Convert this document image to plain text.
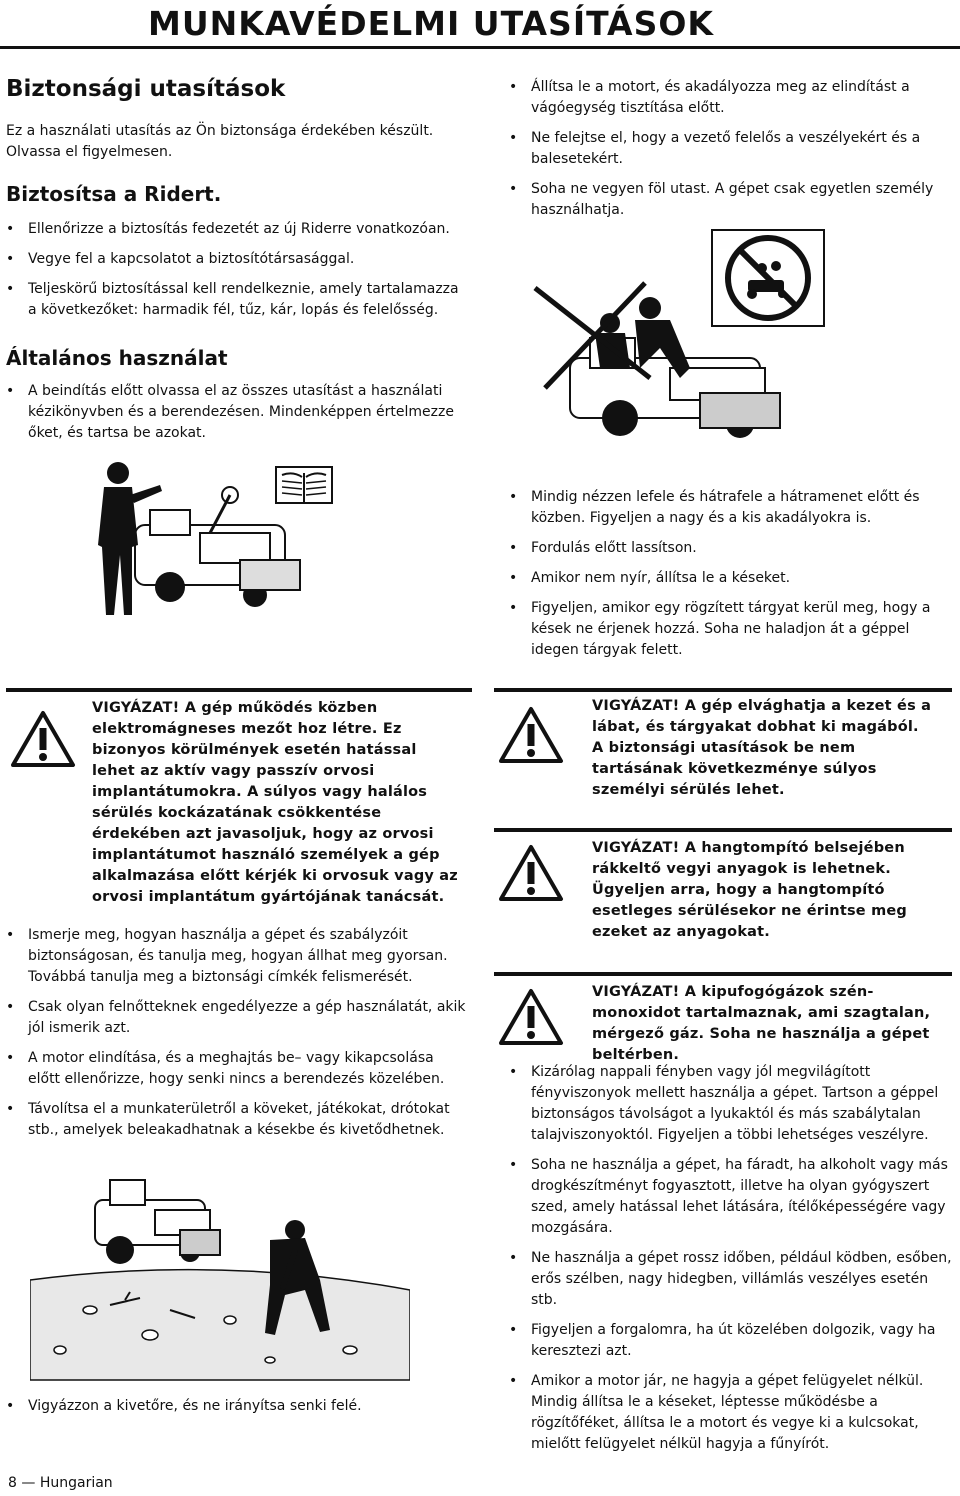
MUNKAVÉDELMI UTASÍTÁSOK
Biztonsági utasítások
Ez a használati utasítás az Ön biztonsága érdekében készült. Olvassa el figyelmesen.
Biztosítsa a Ridert.
• Ellenőrizze a biztosítás fedezetét az új Riderre vonatkozóan.
• Vegye fel a kapcsolatot a biztosítótársasággal.
• Teljeskörű biztosítással kell rendelkeznie, amely tartalamazza a következőket: harmadik fél, tűz, kár, lopás és felelősség.
Általános használat
• A beindítás előtt olvassa el az összes utasítást a használati kézikönyvben és a berendezésen. Mindenképpen értelmezze őket, és tartsa be azokat.
VIGYÁZAT! A gép működés közben elektromágneses mezőt hoz létre. Ez bizonyos körülmények esetén hatással lehet az aktív vagy passzív orvosi implantátumokra. A súlyos vagy halálos sérülés kockázatának csökkentése érdekében azt javasoljuk, hogy az orvosi implantátumot használó személyek a gép alkalmazása előtt kérjék ki orvosuk vagy az orvosi implantátum gyártójának tanácsát.
• Ismerje meg, hogyan használja a gépet és szabályzóit biztonságosan, és tanulja meg, hogyan állhat meg gyorsan. Továbbá tanulja meg a biztonsági címkék felismerését.
• Csak olyan felnőtteknek engedélyezze a gép használatát, akik jól ismerik azt.
• A motor elindítása, és a meghajtás be– vagy kikapcsolása előtt ellenőrizze, hogy senki nincs a berendezés közelében.
• Távolítsa el a munkaterületről a köveket, játékokat, drótokat stb., amelyek beleakadhatnak a késekbe és kivetődhetnek.
• Vigyázzon a kivetőre, és ne irányítsa senki felé.
• Állítsa le a motort, és akadályozza meg az elindítást a vágóegység tisztítása előtt.
• Ne felejtse el, hogy a vezető felelős a veszélyekért és a balesetekért.
• Soha ne vegyen föl utast. A gépet csak egyetlen személy használhatja.
• Mindig nézzen lefele és hátrafele a hátramenet előtt és közben. Figyeljen a nagy és a kis akadályokra is.
• Fordulás előtt lassítson.
• Amikor nem nyír, állítsa le a késeket.
• Figyeljen, amikor egy rögzített tárgyat kerül meg, hogy a kések ne érjenek hozzá. Soha ne haladjon át a géppel idegen tárgyak felett.
VIGYÁZAT! A gép elvághatja a kezet és a lábat, és tárgyakat dobhat ki magából. A biztonsági utasítások be nem tartásának következménye súlyos személyi sérülés lehet.
VIGYÁZAT! A hangtompító belsejében rákkeltő vegyi anyagok is lehetnek. Ügyeljen arra, hogy a hangtompító esetleges sérülésekor ne érintse meg ezeket az anyagokat.
VIGYÁZAT! A kipufogógázok szén-monoxidot tartalmaznak, ami szagtalan, mérgező gáz. Soha ne használja a gépet beltérben.
• Kizárólag nappali fényben vagy jól megvilágított fényviszonyok mellett használja a gépet. Tartson a géppel biztonságos távolságot a lyukaktól és más szabálytalan talajviszonyoktól. Figyeljen a többi lehetséges veszélyre.
• Soha ne használja a gépet, ha fáradt, ha alkoholt vagy más drogkészítményt fogyasztott, illetve ha olyan gyógyszert szed, amely hatással lehet látására, ítélőképességére vagy mozgására.
• Ne használja a gépet rossz időben, például ködben, esőben, erős szélben, nagy hidegben, villámlás veszélyes esetén stb.
• Figyeljen a forgalomra, ha út közelében dolgozik, vagy ha keresztezi azt.
• Amikor a motor jár, ne hagyja a gépet felügyelet nélkül. Mindig állítsa le a késeket, léptesse működésbe a rögzítőféket, állítsa le a motort és vegye ki a kulcsokat, mielőtt felügyelet nélkül hagyja a fűnyírót.
8 — Hungarian
